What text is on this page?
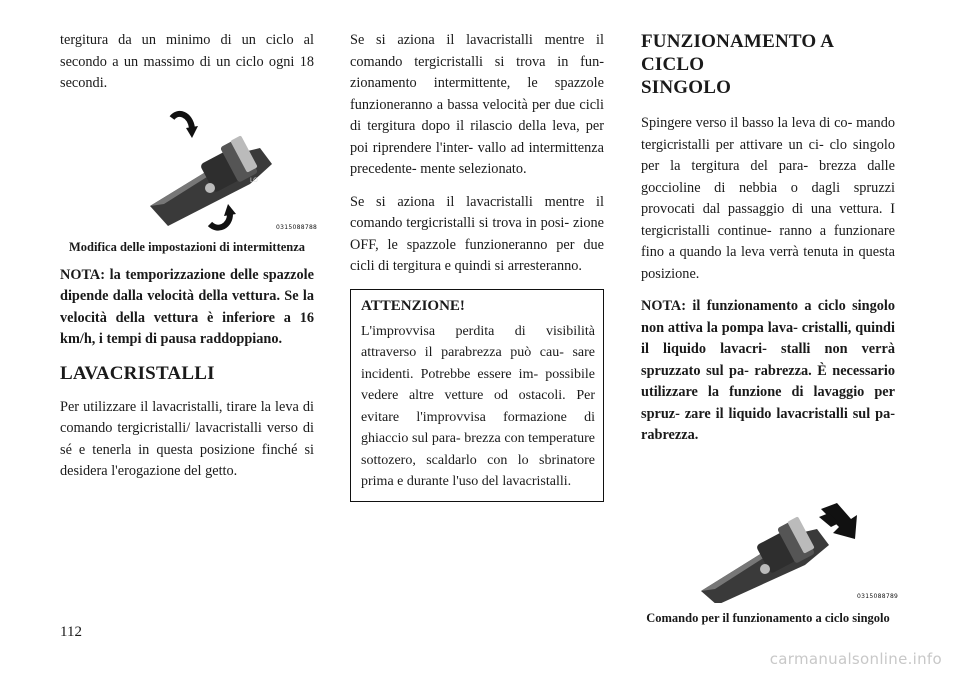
tergitura da un minimo di un ciclo al secondo a un massimo di un ciclo ogni 18 secondi.

LO
0315088788

Modifica delle impostazioni di intermittenza

NOTA: la temporizzazione delle spazzole dipende dalla velocità della vettura. Se la velocità della vettura è inferiore a 16 km/h, i tempi di pausa raddoppiano.

LAVACRISTALLI

Per utilizzare il lavacristalli, tirare la leva di comando tergicristalli/ lavacristalli verso di sé e tenerla in questa posizione finché si desidera l'erogazione del getto.

Se si aziona il lavacristalli mentre il comando tergicristalli si trova in fun- zionamento intermittente, le spazzole funzioneranno a bassa velocità per due cicli di tergitura dopo il rilascio della leva, per poi riprendere l'inter- vallo ad intermittenza precedente- mente selezionato.

Se si aziona il lavacristalli mentre il comando tergicristalli si trova in posi- zione OFF, le spazzole funzioneranno per due cicli di tergitura e quindi si arresteranno.

ATTENZIONE!

L'improvvisa perdita di visibilità attraverso il parabrezza può cau- sare incidenti. Potrebbe essere im- possibile vedere altre vetture od ostacoli. Per evitare l'improvvisa formazione di ghiaccio sul para- brezza con temperature sottozero, scaldarlo con lo sbrinatore prima e durante l'uso del lavacristalli.

FUNZIONAMENTO A CICLO
SINGOLO

Spingere verso il basso la leva di co- mando tergicristalli per attivare un ci- clo singolo per la tergitura del para- brezza dalle goccioline di nebbia o dagli spruzzi provocati dal passaggio di una vettura. I tergicristalli continue- ranno a funzionare fino a quando la leva verrà tenuta in questa posizione.

NOTA: il funzionamento a ciclo singolo non attiva la pompa lava- cristalli, quindi il liquido lavacri- stalli non verrà spruzzato sul pa- rabrezza. È necessario utilizzare la funzione di lavaggio per spruz- zare il liquido lavacristalli sul pa- rabrezza.

0315088789

Comando per il funzionamento a ciclo singolo

112
carmanualsonline.info
